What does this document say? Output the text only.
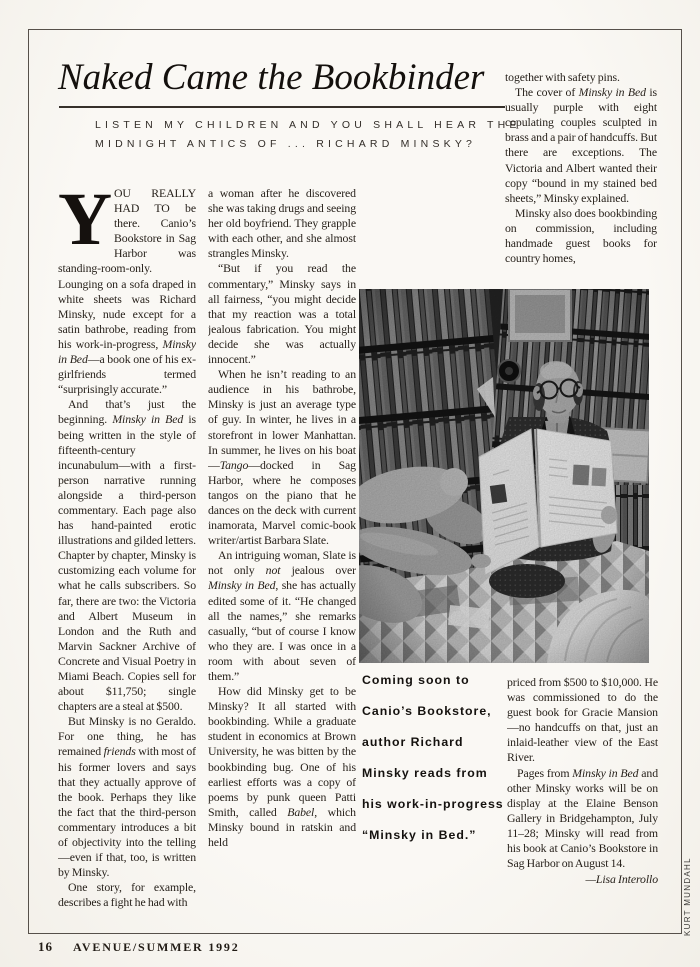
Naked Came the Bookbinder
LISTEN MY CHILDREN AND YOU SHALL HEAR THE
MIDNIGHT ANTICS OF ... RICHARD MINSKY?

YOU REALLY HAD TO be there. Canio’s Bookstore in Sag Harbor was standing-room-only. Lounging on a sofa draped in white sheets was Richard Minsky, nude except for a satin bathrobe, reading from his work-in-progress, Minsky in Bed—a book one of his ex-girlfriends termed “surprisingly accurate.”

And that’s just the beginning. Minsky in Bed is being written in the style of fifteenth-century incunabulum—with a first-person narrative running alongside a third-person commentary. Each page also has hand-painted erotic illustrations and gilded letters. Chapter by chapter, Minsky is customizing each volume for what he calls subscribers. So far, there are two: the Victoria and Albert Museum in London and the Ruth and Marvin Sackner Archive of Concrete and Visual Poetry in Miami Beach. Copies sell for about $11,750; single chapters are a steal at $500.

But Minsky is no Geraldo. For one thing, he has remained friends with most of his former lovers and says that they actually approve of the book. Perhaps they like the fact that the third-person commentary introduces a bit of objectivity into the telling—even if that, too, is written by Minsky.

One story, for example, describes a fight he had with

a woman after he discovered she was taking drugs and seeing her old boyfriend. They grapple with each other, and she almost strangles Minsky.

“But if you read the commentary,” Minsky says in all fairness, “you might decide that my reaction was a total jealous fabrication. You might decide she was actually innocent.”

When he isn’t reading to an audience in his bathrobe, Minsky is just an average type of guy. In winter, he lives in a storefront in lower Manhattan. In summer, he lives on his boat—Tango—docked in Sag Harbor, where he composes tangos on the piano that he dances on the deck with current inamorata, Marvel comic-book writer/artist Barbara Slate.

An intriguing woman, Slate is not only not jealous over Minsky in Bed, she has actually edited some of it. “He changed all the names,” she remarks casually, “but of course I know who they are. I was once in a room with about seven of them.”

How did Minsky get to be Minsky? It all started with bookbinding. While a graduate student in economics at Brown University, he was bitten by the bookbinding bug. One of his earliest efforts was a copy of poems by punk queen Patti Smith, called Babel, which Minsky bound in ratskin and held

together with safety pins.

The cover of Minsky in Bed is usually purple with eight copulating couples sculpted in brass and a pair of handcuffs. But there are exceptions. The Victoria and Albert wanted their copy “bound in my stained bed sheets,” Minsky explained.

Minsky also does bookbinding on commission, including handmade guest books for country homes,

priced from $500 to $10,000. He was commissioned to do the guest book for Gracie Mansion—no handcuffs on that, just an inlaid-leather view of the East River.

Pages from Minsky in Bed and other Minsky works will be on display at the Elaine Benson Gallery in Bridgehampton, July 11–28; Minsky will read from his book at Canio’s Bookstore in Sag Harbor on August 14.

—Lisa Interollo

Coming soon to
Canio’s Bookstore,
author Richard
Minsky reads from
his work-in-progress
“Minsky in Bed.”
16 AVENUE/SUMMER 1992
KURT MUNDAHL
